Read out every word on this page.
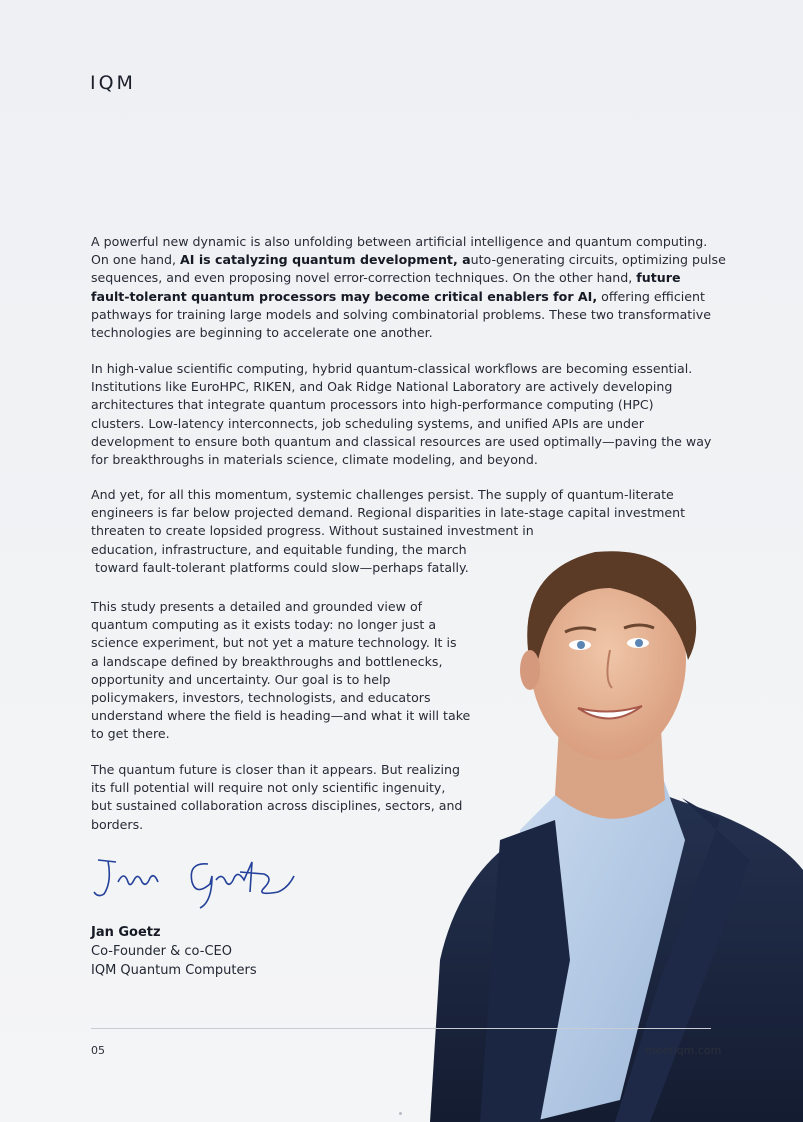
IQM

A powerful new dynamic is also unfolding between artificial intelligence and quantum computing.
On one hand, AI is catalyzing quantum development, auto-generating circuits, optimizing pulse
sequences, and even proposing novel error-correction techniques. On the other hand, future
fault-tolerant quantum processors may become critical enablers for AI, offering efficient
pathways for training large models and solving combinatorial problems. These two transformative
technologies are beginning to accelerate one another.

In high-value scientific computing, hybrid quantum-classical workflows are becoming essential.
Institutions like EuroHPC, RIKEN, and Oak Ridge National Laboratory are actively developing
architectures that integrate quantum processors into high-performance computing (HPC)
clusters. Low-latency interconnects, job scheduling systems, and unified APIs are under
development to ensure both quantum and classical resources are used optimally—paving the way
for breakthroughs in materials science, climate modeling, and beyond.

And yet, for all this momentum, systemic challenges persist. The supply of quantum-literate
engineers is far below projected demand. Regional disparities in late-stage capital investment
threaten to create lopsided progress. Without sustained investment in
education, infrastructure, and equitable funding, the march
toward fault-tolerant platforms could slow—perhaps fatally.

This study presents a detailed and grounded view of
quantum computing as it exists today: no longer just a
science experiment, but not yet a mature technology. It is
a landscape defined by breakthroughs and bottlenecks,
opportunity and uncertainty. Our goal is to help
policymakers, investors, technologists, and educators
understand where the field is heading—and what it will take
to get there.

The quantum future is closer than it appears. But realizing
its full potential will require not only scientific ingenuity,
but sustained collaboration across disciplines, sectors, and
borders.

Jan Goetz
Co-Founder & co-CEO
IQM Quantum Computers
05	meetiqm.com
